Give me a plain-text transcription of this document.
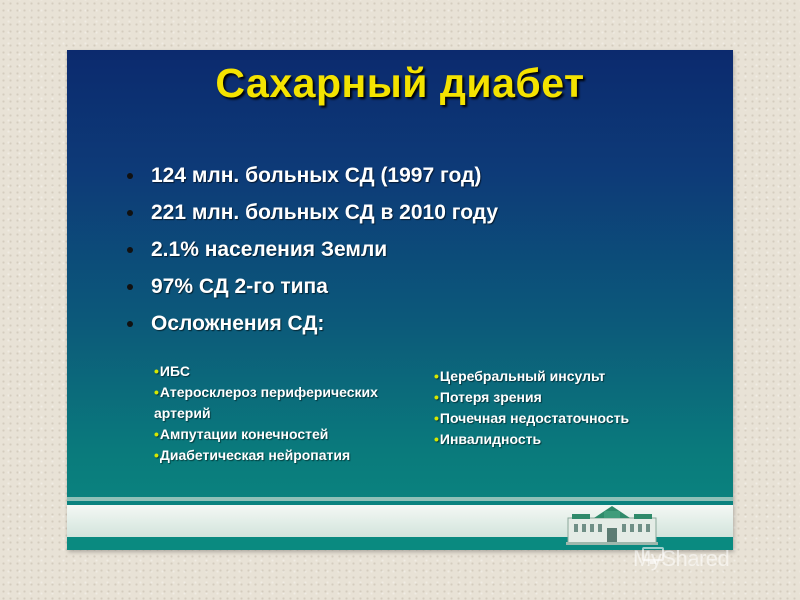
Сахарный диабет
124 млн. больных СД (1997 год)
221 млн. больных СД в 2010 году
2.1% населения Земли
97% СД 2-го типа
Осложнения СД:
• ИБС
• Атеросклероз периферических артерий
• Ампутации конечностей
• Диабетическая нейропатия
• Церебральный инсульт
• Потеря зрения
• Почечная недостаточность
• Инвалидность
MyShared
